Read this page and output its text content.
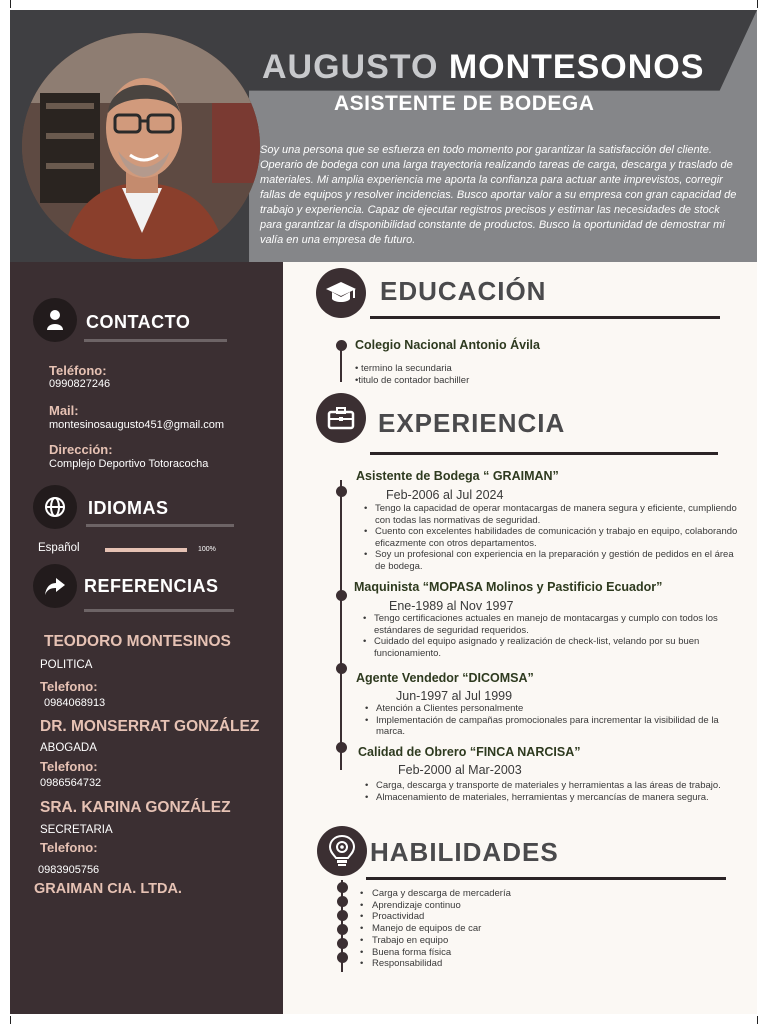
AUGUSTO MONTESONOS
ASISTENTE DE BODEGA
Soy una persona que se esfuerza en todo momento por garantizar la satisfacción del cliente. Operario de bodega con una larga trayectoria realizando tareas de carga, descarga y traslado de materiales. Mi amplia experiencia me aporta la confianza para actuar ante imprevistos, corregir fallas de equipos y resolver incidencias. Busco aportar valor a su empresa con gran capacidad de trabajo y experiencia. Capaz de ejecutar registros precisos y estimar las necesidades de stock para garantizar la disponibilidad constante de productos. Busco la oportunidad de demostrar mi valía en una empresa de futuro.
CONTACTO
Teléfono:
0990827246
Mail:
montesinosaugusto451@gmail.com
Dirección:
Complejo Deportivo Totoracocha
IDIOMAS
Español	100%
REFERENCIAS
TEODORO MONTESINOS
POLITICA
Telefono:
0984068913
DR. MONSERRAT GONZÁLEZ
ABOGADA
Telefono:
0986564732
SRA. KARINA GONZÁLEZ
SECRETARIA
Telefono:
0983905756
GRAIMAN CIA. LTDA.
EDUCACIÓN
Colegio Nacional Antonio Ávila
• termino la secundaria
•titulo de contador bachiller
EXPERIENCIA
Asistente de Bodega “ GRAIMAN”
Feb-2006 al Jul 2024
• Tengo la capacidad de operar montacargas de manera segura y eficiente, cumpliendo con todas las normativas de seguridad.
• Cuento con excelentes habilidades de comunicación y trabajo en equipo, colaborando eficazmente con otros departamentos.
• Soy un profesional con experiencia en la preparación y gestión de pedidos en el área de bodega.
Maquinista “MOPASA Molinos y Pastificio Ecuador”
Ene-1989 al Nov 1997
• Tengo certificaciones actuales en manejo de montacargas y cumplo con todos los estándares de seguridad requeridos.
• Cuidado del equipo asignado y realización de check-list, velando por su buen funcionamiento.
Agente Vendedor “DICOMSA”
Jun-1997 al Jul 1999
• Atención a Clientes personalmente
• Implementación de campañas promocionales para incrementar la visibilidad de la marca.
Calidad de Obrero “FINCA NARCISA”
Feb-2000 al Mar-2003
• Carga, descarga y transporte de materiales y herramientas a las áreas de trabajo.
• Almacenamiento de materiales, herramientas y mercancías de manera segura.
HABILIDADES
• Carga y descarga de mercadería
• Aprendizaje continuo
• Proactividad
• Manejo de equipos de car
• Trabajo en equipo
• Buena forma física
• Responsabilidad
